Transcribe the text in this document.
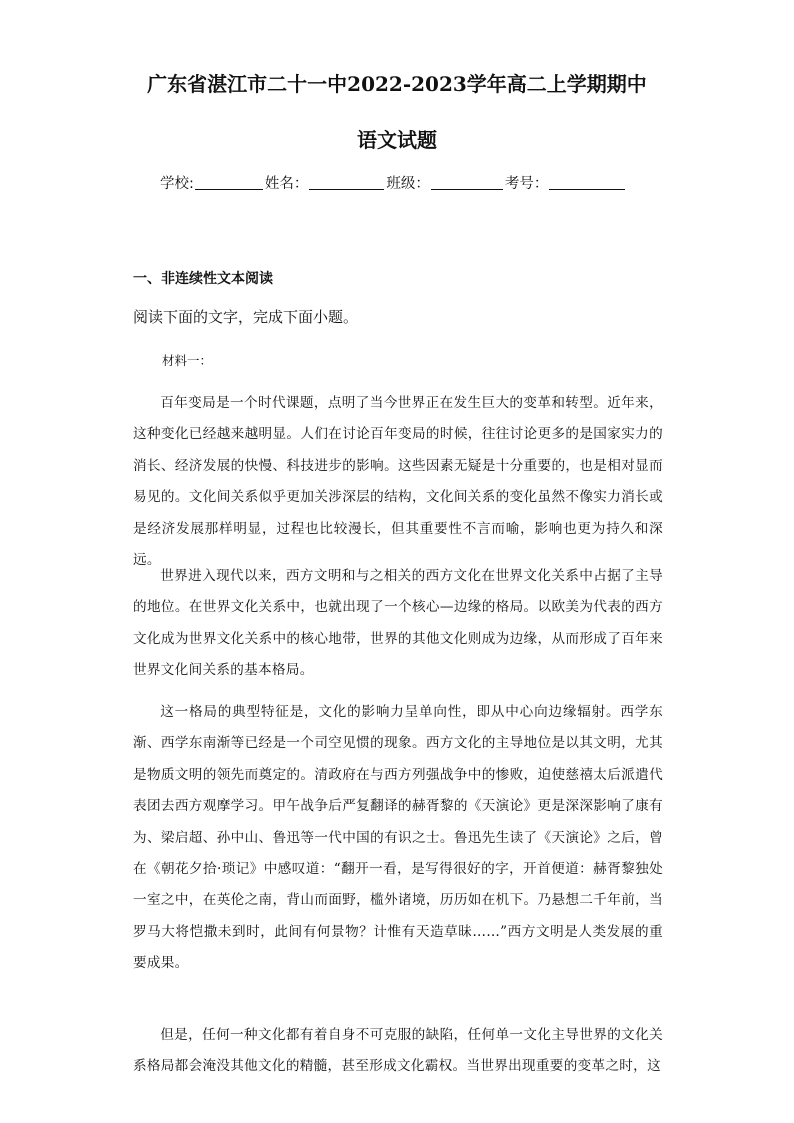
广东省湛江市二十一中2022-2023学年高二上学期期中
语文试题
学校:	姓名：	班级：	考号：
一、非连续性文本阅读
阅读下面的文字，完成下面小题。
材料一：

百年变局是一个时代课题，点明了当今世界正在发生巨大的变革和转型。近年来，这种变化已经越来越明显。人们在讨论百年变局的时候，往往讨论更多的是国家实力的消长、经济发展的快慢、科技进步的影响。这些因素无疑是十分重要的，也是相对显而易见的。文化间关系似乎更加关涉深层的结构，文化间关系的变化虽然不像实力消长或是经济发展那样明显，过程也比较漫长，但其重要性不言而喻，影响也更为持久和深远。

世界进入现代以来，西方文明和与之相关的西方文化在世界文化关系中占据了主导的地位。在世界文化关系中，也就出现了一个核心—边缘的格局。以欧美为代表的西方文化成为世界文化关系中的核心地带，世界的其他文化则成为边缘，从而形成了百年来世界文化间关系的基本格局。

这一格局的典型特征是，文化的影响力呈单向性，即从中心向边缘辐射。西学东渐、西学东南渐等已经是一个司空见惯的现象。西方文化的主导地位是以其文明，尤其是物质文明的领先而奠定的。清政府在与西方列强战争中的惨败，迫使慈禧太后派遣代表团去西方观摩学习。甲午战争后严复翻译的赫胥黎的《天演论》更是深深影响了康有为、梁启超、孙中山、鲁迅等一代中国的有识之士。鲁迅先生读了《天演论》之后，曾在《朝花夕拾·琐记》中感叹道：“翻开一看，是写得很好的字，开首便道：赫胥黎独处一室之中，在英伦之南，背山而面野，槛外诸境，历历如在机下。乃悬想二千年前，当罗马大将恺撒未到时，此间有何景物？计惟有天造草昧……”西方文明是人类发展的重要成果。

但是，任何一种文化都有着自身不可克服的缺陷，任何单一文化主导世界的文化关系格局都会淹没其他文化的精髓，甚至形成文化霸权。当世界出现重要的变革之时，这
